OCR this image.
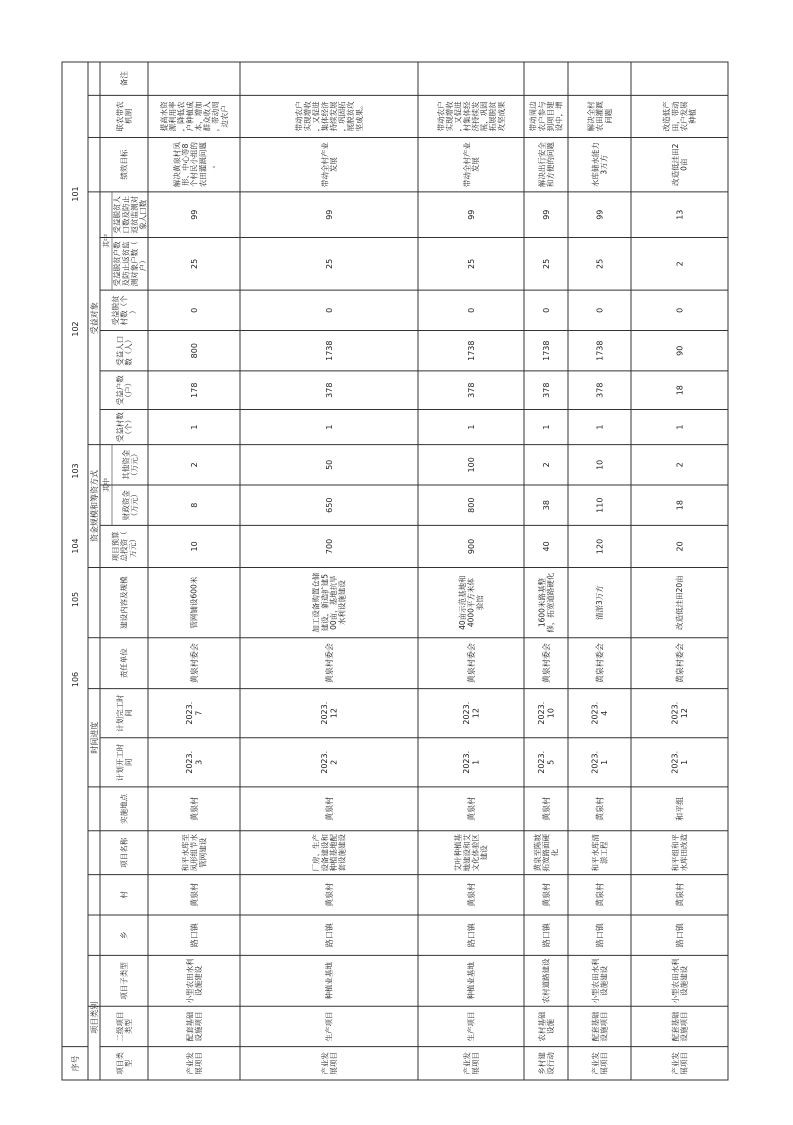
项目类别
时间进度
资金规模和筹资方式
受益对象
其中
其中
备注
联农带农 机制
绩效目标
受益脱贫人 口数及防止 返贫监测对 象人口数
受益脱贫户数 及防止返贫监 测对象户数（ 户）
受益脱贫 村数（个 ）
受益人口 数（人）
受益户数 （户）
受益村数 （个）
其他资金 （万元）
财政资金 （万元）
项目预算 总投资（ 万元）
建设内容及规模
责任单位
计划完工时 间
计划开工时 间
实施地点
项目名称
村
乡
项目子类型
二级项目 类型
项目类 型
序号
提高水资 源利用率 ，降低农 户种植成 本，增加 群众收入 ，带动周 边农户
解决黄泉村凤 形、中心等8 个村民小组的 农田灌溉问题 。
99
25
0
800
178
1
2
8
10
管网铺设600米
黄泉村委会
2023. 7
2023. 3
黄泉村
和平水库至 凤形组节水 管网建设
黄泉村
路口镇
小型农田水利 设施建设
配套基础 设施项目
产业发 展项目
101
带动农户 实现增收 ，又促进 集体经济 持续发展 ，巩固拓 展脱贫攻 坚成果。
带动全村产业 发展
99
25
0
1738
378
1
50
650
700
加工设备购置仓储 建设，新造扩建5 00亩，基地抗旱 水利设施建设
黄泉村委会
2023. 12
2023. 2
黄泉村
厂房、生产 设备建设和 种植基地配 套设施建设
黄泉村
路口镇
种植业基地
生产项目
产业发 展项目
102
带动农户 实现增收 ，又促进 村集体经 济持续发 展，巩固 拓展脱贫 攻坚成果
带动全村产业 发展
99
25
0
1738
378
1
100
800
900
40亩示范基地和 4000平方米体 验馆
黄泉村委会
2023. 12
2023. 1
黄泉村
艾叶种植基 地建设和艾 文化体验区 建设
黄泉村
路口镇
种植业基地
生产项目
产业发 展项目
103
带动周边 农户参与 到项目建 设中，增
解决出行安全 和方便的问题
99
25
0
1738
378
1
2
38
40
1600米路基整 修，拓宽道路硬化
黄泉村委会
2023. 10
2023. 5
黄泉村
黄泉至陈坡 拓宽路面硬 化
黄泉村
路口镇
农村道路建设
农村基础 设施
乡村建 设行动
104
解决全村 农田灌溉 问题
水库储水能力 3万方
99
25
0
1738
378
1
10
110
120
清淤3万方
黄泉村委会
2023. 4
2023. 1
黄泉村
和平水库清 淤工程
黄泉村
路口镇
小型农田水利 设施建设
配套基础 设施项目
产业发 展项目
105
改造低产 田，带动 农户发展 种植
改造低洼田2 0亩
13
2
0
90
18
1
2
18
20
改造低洼田20亩
黄泉村委会
2023. 12
2023. 1
和平组
和平组和平 水库田改造
黄泉村
路口镇
小型农田水利 设施建设
配套基础 设施项目
产业发 展项目
106
